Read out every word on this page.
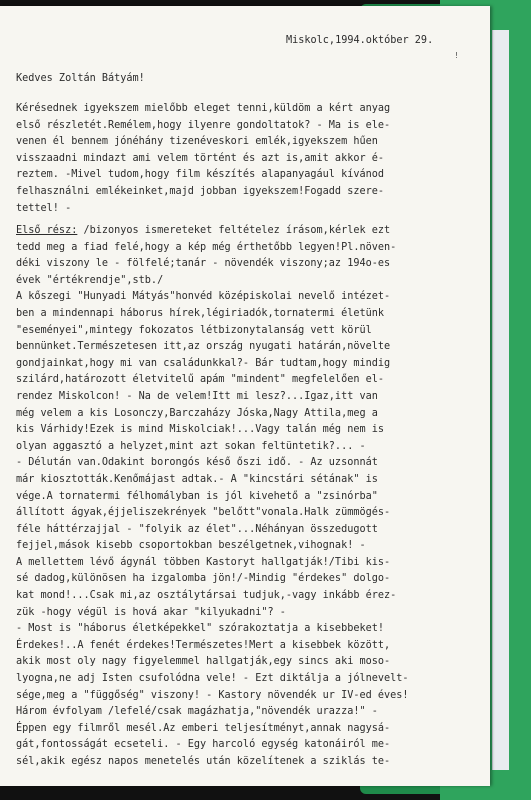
Miskolc,1994.október 29.
!
Kedves Zoltán Bátyám!
Kérésednek igyekszem mielőbb eleget tenni,küldöm a kért anyag
első részletét.Remélem,hogy ilyenre gondoltatok? - Ma is ele-
venen él bennem jónéhány tizenéveskori emlék,igyekszem hűen
visszaadni mindazt ami velem történt és azt is,amit akkor é-
reztem. -Mivel tudom,hogy film készítés alapanyagául kívánod
felhasználni emlékeinket,majd jobban igyekszem!Fogadd szere-
tettel! -
Első rész: /bizonyos ismereteket feltételez írásom,kérlek ezt
tedd meg a fiad felé,hogy a kép még érthetőbb legyen!Pl.növen-
déki viszony le - fölfelé;tanár - növendék viszony;az 194o-es
évek "értékrendje",stb./
A kőszegi "Hunyadi Mátyás"honvéd középiskolai nevelő intézet-
ben a mindennapi háborus hírek,légiriadók,tornatermi életünk
"eseményei",mintegy fokozatos létbizonytalanság vett körül
bennünket.Természetesen itt,az ország nyugati határán,növelte
gondjainkat,hogy mi van családunkkal?- Bár tudtam,hogy mindig
szilárd,határozott életvitelű apám "mindent" megfelelően el-
rendez Miskolcon! - Na de velem!Itt mi lesz?...Igaz,itt van
még velem a kis Losonczy,Barczaházy Jóska,Nagy Attila,meg a
kis Várhidy!Ezek is mind Miskolciak!...Vagy talán még nem is
olyan aggasztó a helyzet,mint azt sokan feltüntetik?... -
- Délután van.Odakint borongós késő őszi idő. - Az uzsonnát
már kiosztották.Kenőmájast adtak.- A "kincstári sétának" is
vége.A tornatermi félhomályban is jól kivehető a "zsinórba"
állított ágyak,éjjeliszekrények "belőtt"vonala.Halk zümmögés-
féle háttérzajjal - "folyik az élet"...Néhányan összedugott
fejjel,mások kisebb csoportokban beszélgetnek,vihognak! -
A mellettem lévő ágynál többen Kastoryt hallgatják!/Tibi kis-
sé dadog,különösen ha izgalomba jön!/-Mindig "érdekes" dolgo-
kat mond!...Csak mi,az osztálytársai tudjuk,-vagy inkább érez-
zük -hogy végül is hová akar "kilyukadni"? -
- Most is "háborus életképekkel" szórakoztatja a kisebbeket!
Érdekes!..A fenét érdekes!Természetes!Mert a kisebbek között,
akik most oly nagy figyelemmel hallgatják,egy sincs aki moso-
lyogna,ne adj Isten csufolódna vele! - Ezt diktálja a jólnevelt-
sége,meg a "függőség" viszony! - Kastory növendék ur IV-ed éves!
Három évfolyam /lefelé/csak magázhatja,"növendék urazza!" -
Éppen egy filmről mesél.Az emberi teljesítményt,annak nagysá-
gát,fontosságát ecseteli. - Egy harcoló egység katonáiról me-
sél,akik egész napos menetelés után közelítenek a sziklás te-
